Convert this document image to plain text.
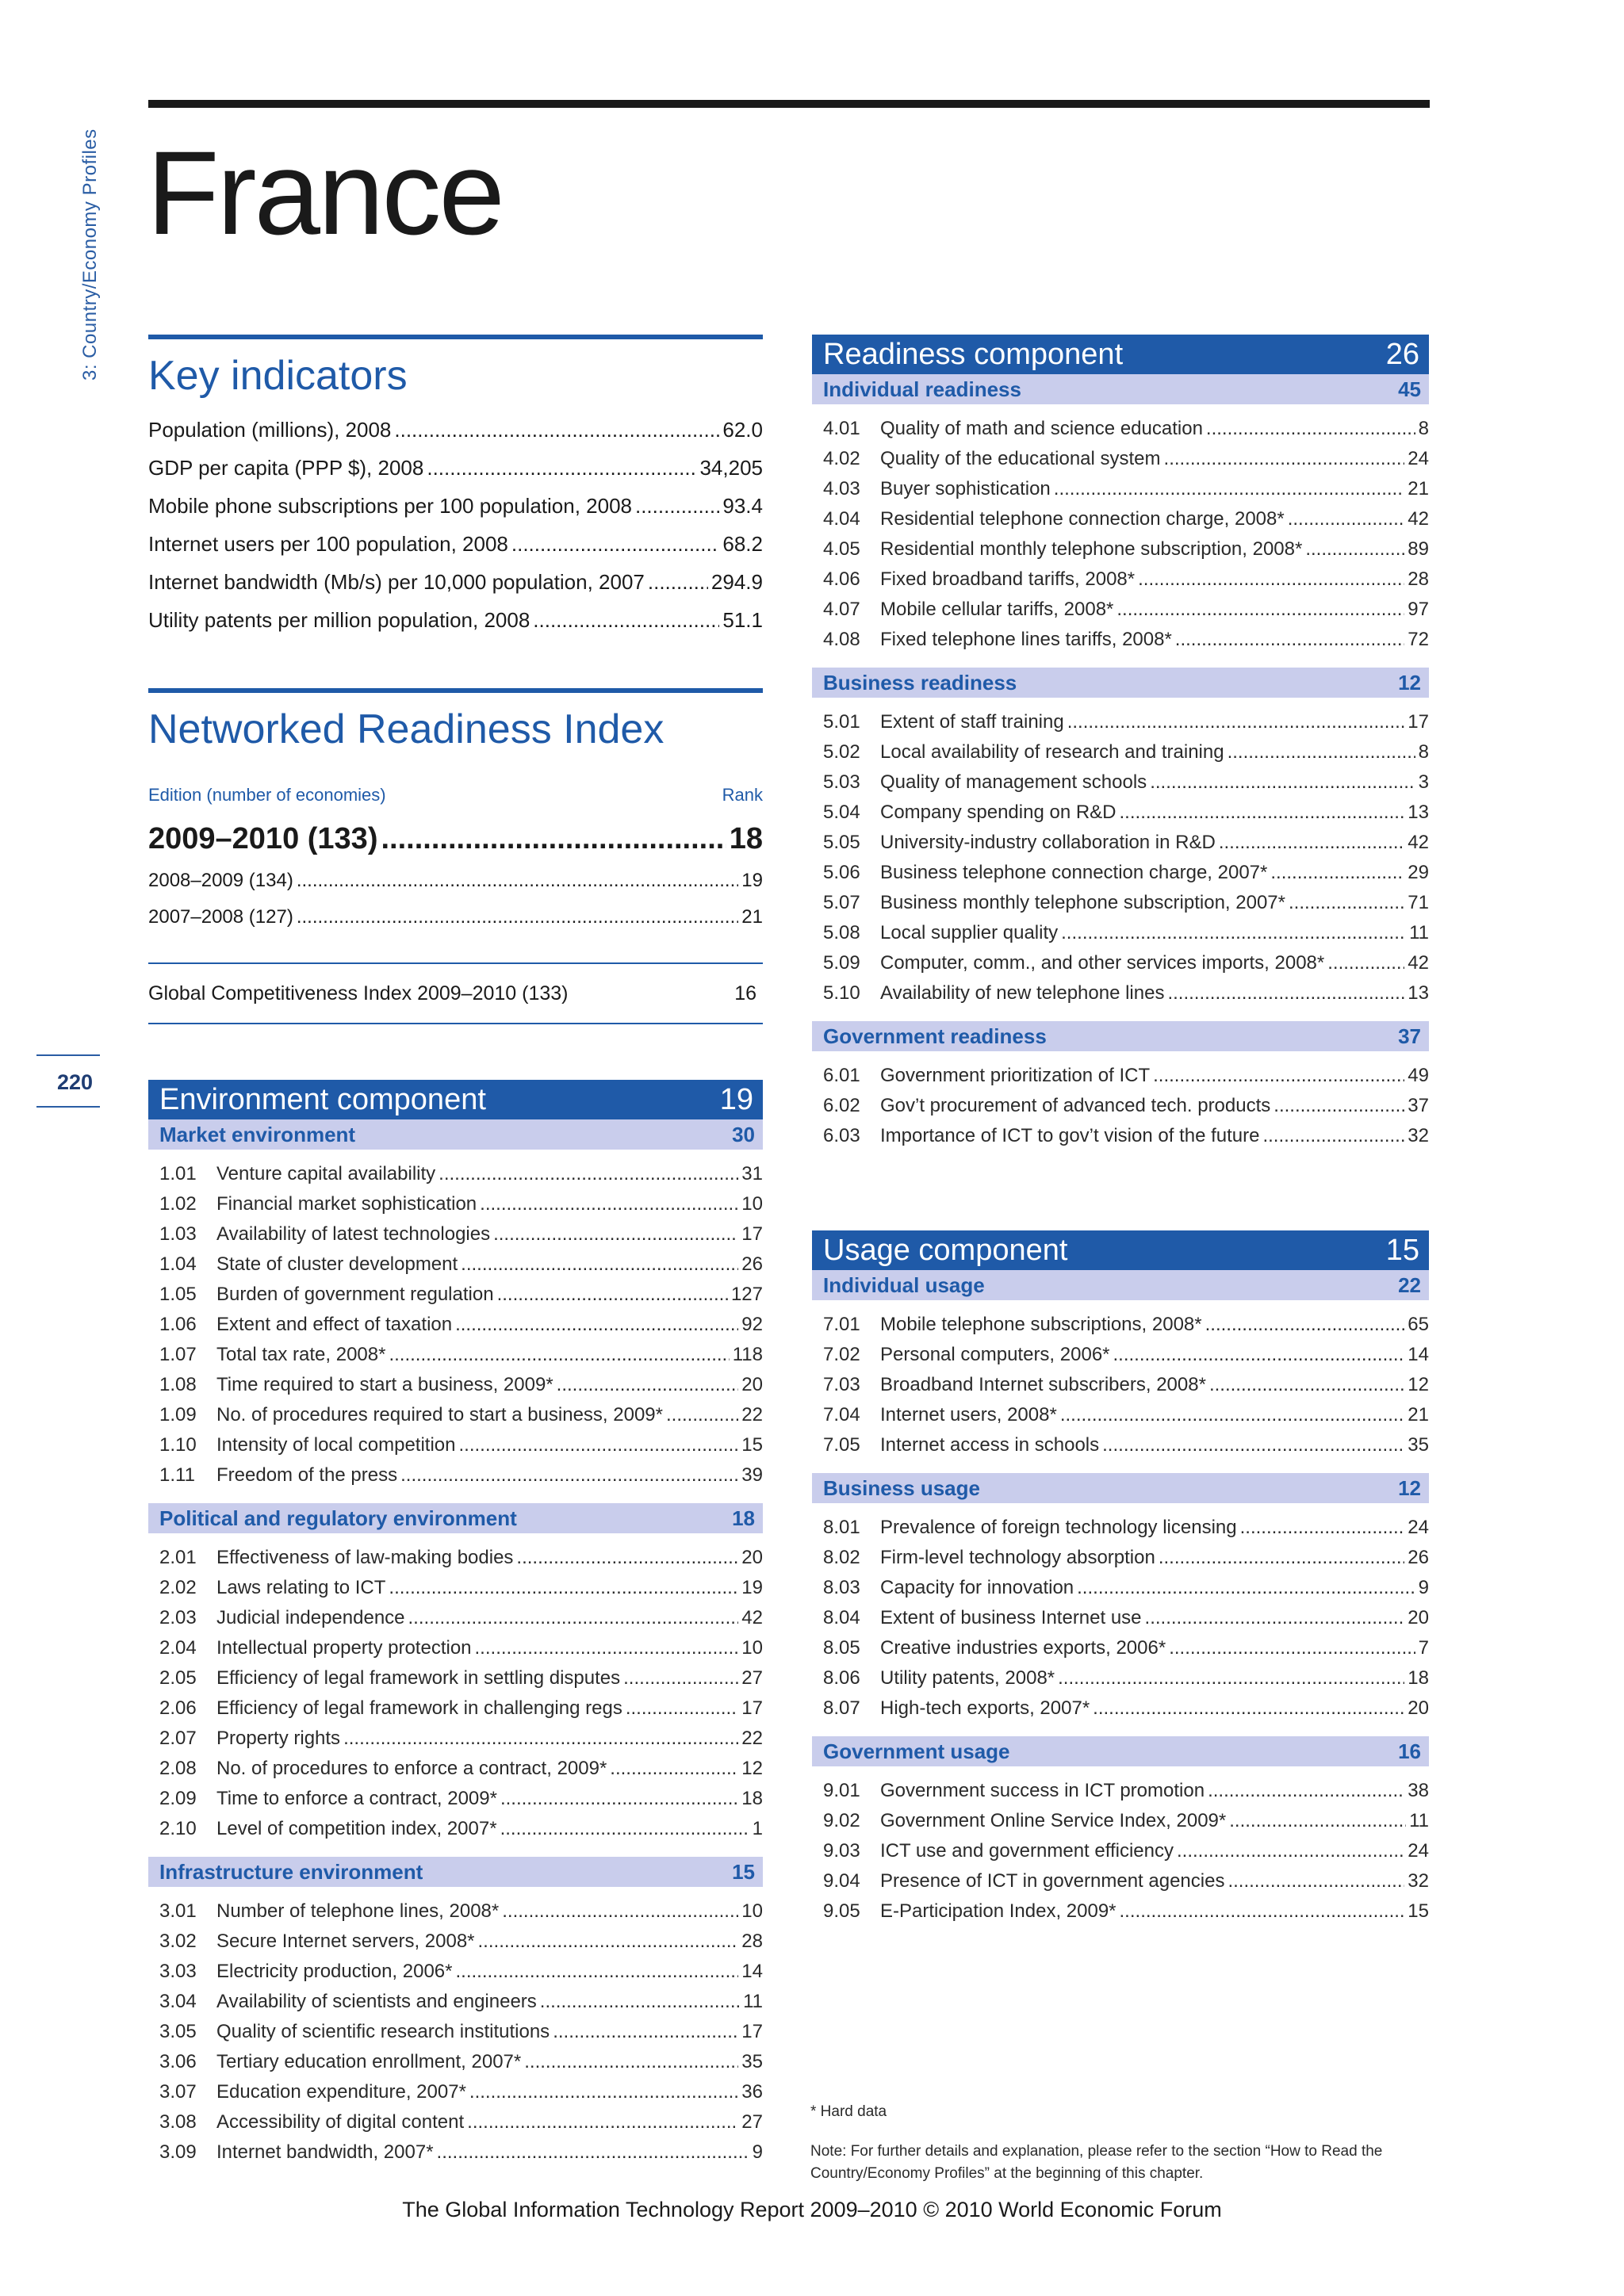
3: Country/Economy Profiles France
220
Key indicators
Population (millions), 2008 .....	62.0
GDP per capita (PPP $), 2008 .....	34,205
Mobile phone subscriptions per 100 population, 2008 .....	93.4
Internet users per 100 population, 2008 .....	68.2
Internet bandwidth (Mb/s) per 10,000 population, 2007 .....	294.9
Utility patents per million population, 2008 .....	51.1
Networked Readiness Index
Edition (number of economies)	Rank
2009–2010 (133) .....	18
2008–2009 (134) .....	19
2007–2008 (127) .....	21
Global Competitiveness Index 2009–2010 (133)	16
Environment component	19
Market environment	30
1.01	Venture capital availability .....	31
1.02	Financial market sophistication .....	10
1.03	Availability of latest technologies .....	17
1.04	State of cluster development .....	26
1.05	Burden of government regulation .....	127
1.06	Extent and effect of taxation .....	92
1.07	Total tax rate, 2008* .....	118
1.08	Time required to start a business, 2009* .....	20
1.09	No. of procedures required to start a business, 2009* .....	22
1.10	Intensity of local competition .....	15
1.11	Freedom of the press .....	39
Political and regulatory environment	18
2.01	Effectiveness of law-making bodies .....	20
2.02	Laws relating to ICT .....	19
2.03	Judicial independence .....	42
2.04	Intellectual property protection .....	10
2.05	Efficiency of legal framework in settling disputes .....	27
2.06	Efficiency of legal framework in challenging regs .....	17
2.07	Property rights .....	22
2.08	No. of procedures to enforce a contract, 2009* .....	12
2.09	Time to enforce a contract, 2009* .....	18
2.10	Level of competition index, 2007* .....	1
Infrastructure environment	15
3.01	Number of telephone lines, 2008* .....	10
3.02	Secure Internet servers, 2008* .....	28
3.03	Electricity production, 2006* .....	14
3.04	Availability of scientists and engineers .....	11
3.05	Quality of scientific research institutions .....	17
3.06	Tertiary education enrollment, 2007* .....	35
3.07	Education expenditure, 2007* .....	36
3.08	Accessibility of digital content .....	27
3.09	Internet bandwidth, 2007* .....	9
Readiness component	26
Individual readiness	45
4.01	Quality of math and science education .....	8
4.02	Quality of the educational system .....	24
4.03	Buyer sophistication .....	21
4.04	Residential telephone connection charge, 2008* .....	42
4.05	Residential monthly telephone subscription, 2008* .....	89
4.06	Fixed broadband tariffs, 2008* .....	28
4.07	Mobile cellular tariffs, 2008* .....	97
4.08	Fixed telephone lines tariffs, 2008* .....	72
Business readiness	12
5.01	Extent of staff training .....	17
5.02	Local availability of research and training .....	8
5.03	Quality of management schools .....	3
5.04	Company spending on R&D .....	13
5.05	University-industry collaboration in R&D .....	42
5.06	Business telephone connection charge, 2007* .....	29
5.07	Business monthly telephone subscription, 2007* .....	71
5.08	Local supplier quality .....	11
5.09	Computer, comm., and other services imports, 2008* .....	42
5.10	Availability of new telephone lines .....	13
Government readiness	37
6.01	Government prioritization of ICT .....	49
6.02	Gov’t procurement of advanced tech. products .....	37
6.03	Importance of ICT to gov’t vision of the future .....	32
Usage component	15
Individual usage	22
7.01	Mobile telephone subscriptions, 2008* .....	65
7.02	Personal computers, 2006* .....	14
7.03	Broadband Internet subscribers, 2008* .....	12
7.04	Internet users, 2008* .....	21
7.05	Internet access in schools .....	35
Business usage	12
8.01	Prevalence of foreign technology licensing .....	24
8.02	Firm-level technology absorption .....	26
8.03	Capacity for innovation .....	9
8.04	Extent of business Internet use .....	20
8.05	Creative industries exports, 2006* .....	7
8.06	Utility patents, 2008* .....	18
8.07	High-tech exports, 2007* .....	20
Government usage	16
9.01	Government success in ICT promotion .....	38
9.02	Government Online Service Index, 2009* .....	11
9.03	ICT use and government efficiency .....	24
9.04	Presence of ICT in government agencies .....	32
9.05	E-Participation Index, 2009* .....	15
* Hard data
Note: For further details and explanation, please refer to the section “How to Read the Country/Economy Profiles” at the beginning of this chapter.
The Global Information Technology Report 2009–2010 © 2010 World Economic Forum
